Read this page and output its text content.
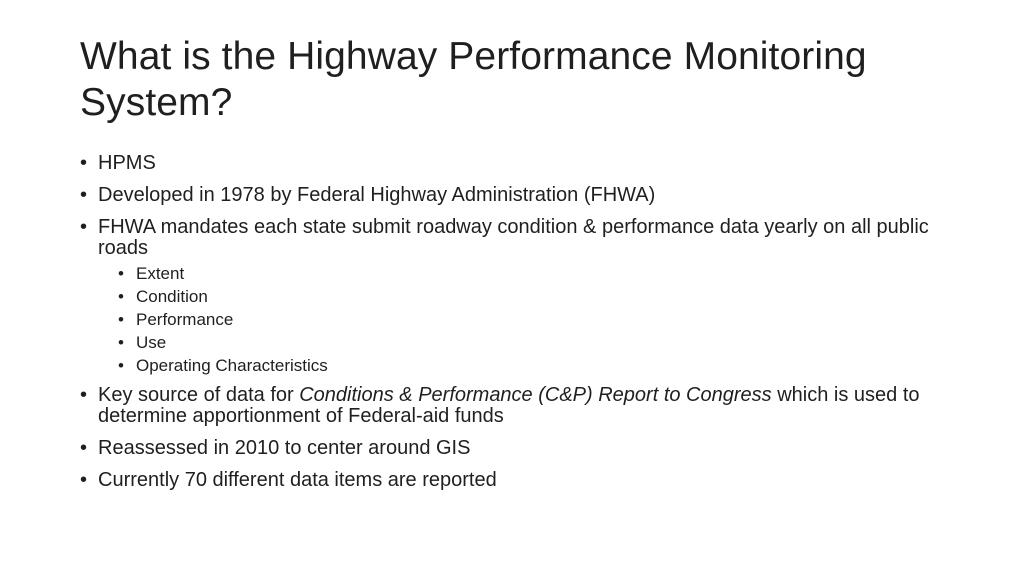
What is the Highway Performance Monitoring System?
• HPMS
• Developed in 1978 by Federal Highway Administration (FHWA)
• FHWA mandates each state submit roadway condition & performance data yearly on all public roads
• Extent
• Condition
• Performance
• Use
• Operating Characteristics
• Key source of data for Conditions & Performance (C&P) Report to Congress which is used to determine apportionment of Federal-aid funds
• Reassessed in 2010 to center around GIS
• Currently 70 different data items are reported
